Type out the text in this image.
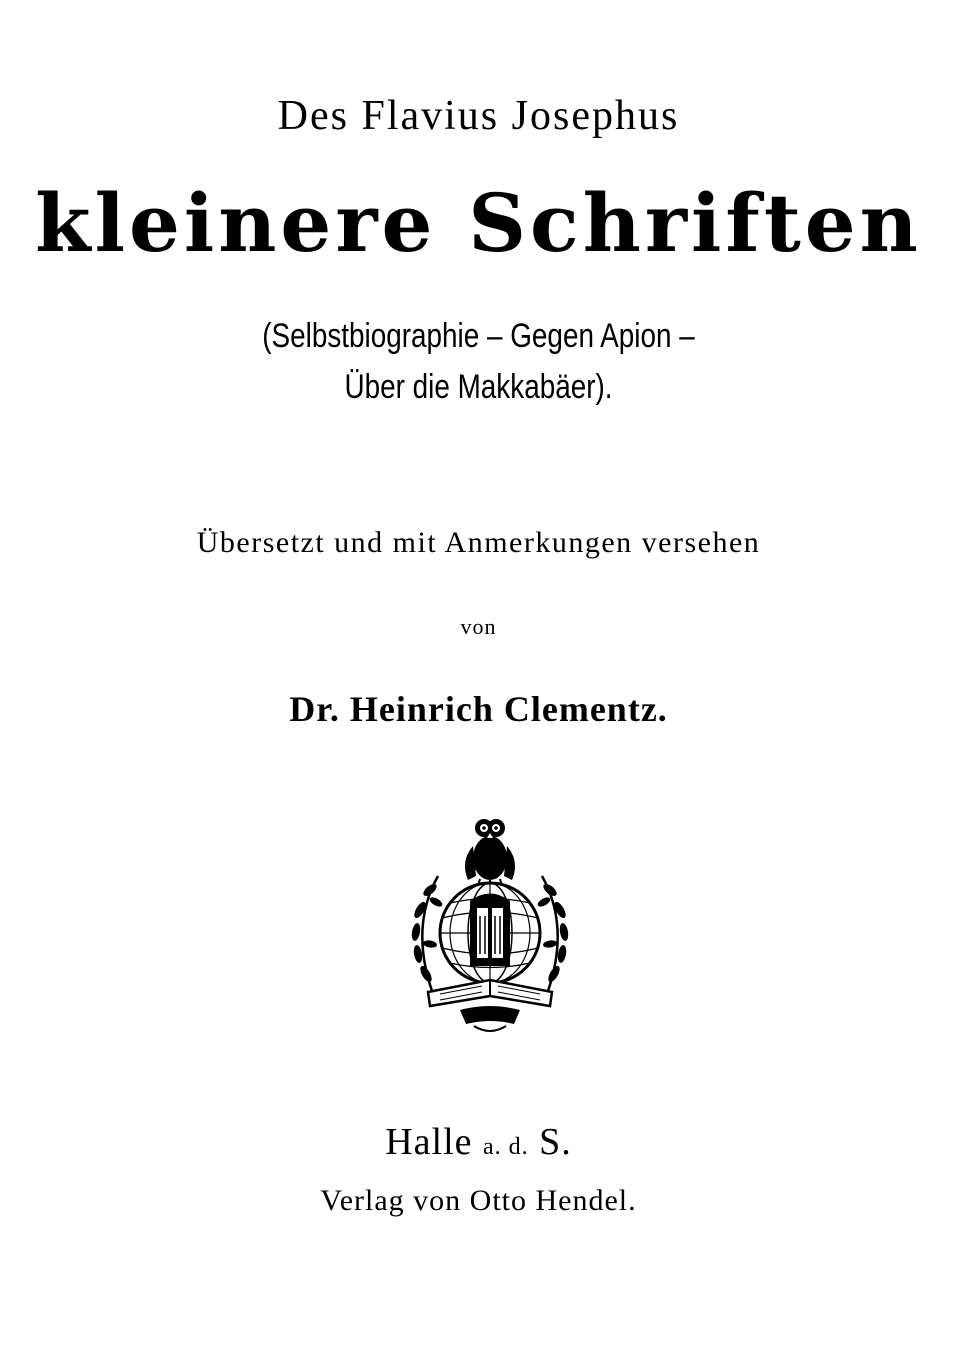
Des Flavius Josephus
kleinere Schriften
(Selbstbiographie – Gegen Apion –
Über die Makkabäer).
Übersetzt und mit Anmerkungen versehen
von
Dr. Heinrich Clementz.
Halle a. d. S.
Verlag von Otto Hendel.
